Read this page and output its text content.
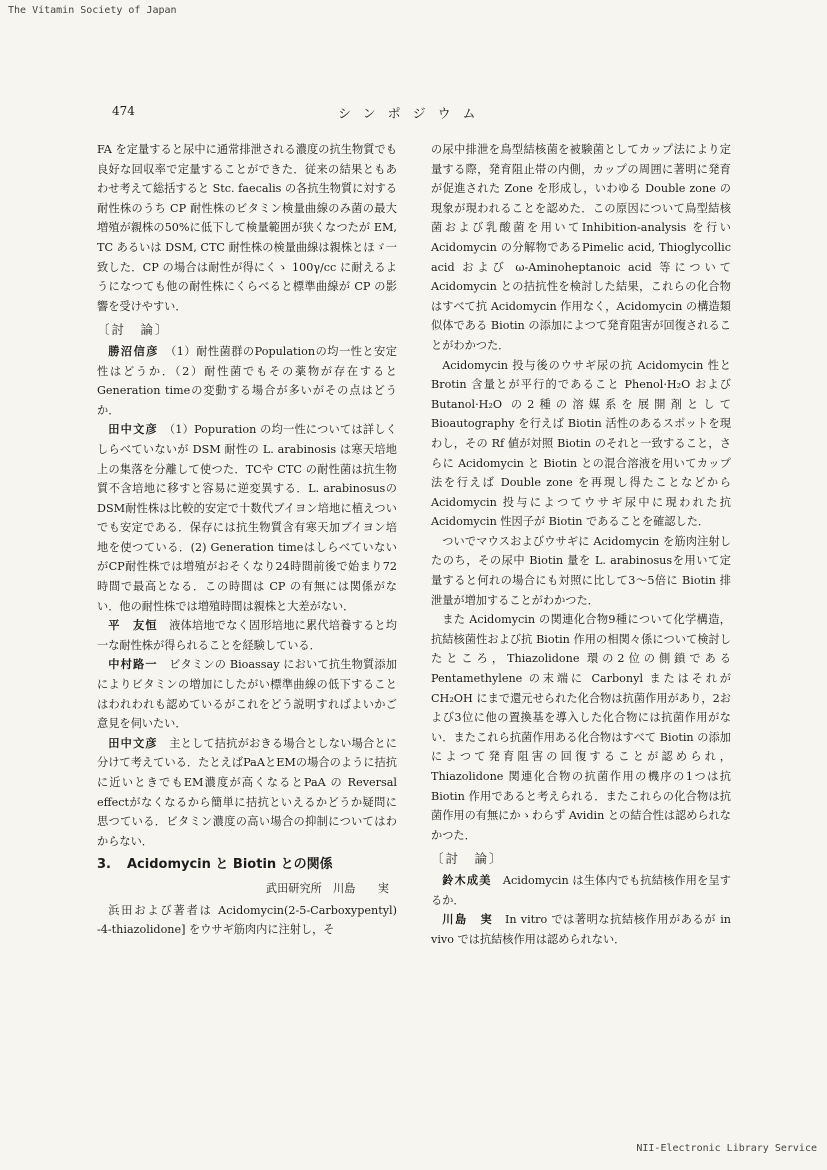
The Vitamin Society of Japan
474	シンポジウム

FA を定量すると尿中に通常排泄される濃度の抗生物質でも良好な回収率で定量することができた．従来の結果ともあわせ考えて総括すると Stc. faecalis の各抗生物質に対する耐性株のうち CP 耐性株のビタミン検量曲線のみ菌の最大増殖が親株の50%に低下して検量範囲が狭くなつたが EM, TC あるいは DSM, CTC 耐性株の検量曲線は親株とほゞ一致した．CP の場合は耐性が得にくゝ 100γ/cc に耐えるようになつても他の耐性株にくらべると標準曲線が CP の影響を受けやすい．

〔討　論〕

勝沼信彦　 （1）耐性菌群のPopulationの均一性と安定性はどうか．（2）耐性菌でもその薬物が存在すると Generation timeの変動する場合が多いがその点はどうか．

田中文彦　 （1）Popuration の均一性については詳しくしらべていないが DSM 耐性の L. arabinosis は寒天培地上の集落を分離して使つた．TCや CTC の耐性菌は抗生物質不含培地に移すと容易に逆変異する．L. arabinosusの DSM耐性株は比較的安定で十数代ブイヨン培地に植えついでも安定である．保存には抗生物質含有寒天加ブイヨン培地を使つている．(2) Generation timeはしらべていないがCP耐性株では増殖がおそくなり24時間前後で始まり72時間で最高となる．この時間は CP の有無には関係がない．他の耐性株では増殖時間は親株と大差がない．

平　友恒　 液体培地でなく固形培地に累代培養すると均一な耐性株が得られることを経験している．

中村路一　 ビタミンの Bioassay において抗生物質添加によりビタミンの増加にしたがい標準曲線の低下することはわれわれも認めているがこれをどう説明すればよいかご意見を伺いたい．

田中文彦　 主として拮抗がおきる場合としない場合とに分けて考えている．たとえばPaAとEMの場合のように拮抗に近いときでもEM濃度が高くなるとPaA の Reversal effectがなくなるから簡単に拮抗といえるかどうか疑問に思つている．ビタミン濃度の高い場合の抑制についてはわからない．

3. Acidomycin と Biotin との関係

武田研究所　川島　　実

浜田および著者は Acidomycin(2-5-Carboxypentyl) -4-thiazolidone] をウサギ筋肉内に注射し，そ

の尿中排泄を鳥型結核菌を被験菌としてカップ法により定量する際，発育阻止帯の内側，カップの周囲に著明に発育が促進された Zone を形成し，いわゆる Double zone の現象が現われることを認めた．この原因について鳥型結核菌および乳酸菌を用いてInhibition-analysis を行い Acidomycin の分解物であるPimelic acid, Thioglycollic acid および ω-Aminoheptanoic acid 等について Acidomycin との拮抗性を検討した結果，これらの化合物はすべて抗 Acidomycin 作用なく，Acidomycin の構造類似体である Biotin の添加によつて発育阻害が回復されることがわかつた．

Acidomycin 投与後のウサギ尿の抗 Acidomycin 性と Brotin 含量とが平行的であること Phenol·H₂O および Butanol·H₂O の2種の溶媒系を展開剤として Bioautography を行えば Biotin 活性のあるスポットを現わし，その Rf 値が対照 Biotin のそれと一致すること，さらに Acidomycin と Biotin との混合溶液を用いてカップ法を行えば Double zone を再現し得たことなどから Acidomycin 投与によつてウサギ尿中に現われた抗Acidomycin 性因子が Biotin であることを確認した．

ついでマウスおよびウサギに Acidomycin を筋肉注射したのち，その尿中 Biotin 量を L. arabinosusを用いて定量すると何れの場合にも対照に比して3〜5倍に Biotin 排泄量が増加することがわかつた．

また Acidomycin の関連化合物9種について化学構造，抗結核菌性および抗 Biotin 作用の相関々係について検討したところ，Thiazolidone 環の2位の側鎖である Pentamethylene の末端に Carbonyl またはそれが CH₂OH にまで還元せられた化合物は抗菌作用があり，2および3位に他の置換基を導入した化合物には抗菌作用がない．またこれら抗菌作用ある化合物はすべて Biotin の添加によつて発育阻害の回復することが認められ，Thiazolidone 関連化合物の抗菌作用の機序の1つは抗 Biotin 作用であると考えられる．またこれらの化合物は抗菌作用の有無にかゝわらず Avidin との結合性は認められなかつた．

〔討　論〕

鈴木成美　 Acidomycin は生体内でも抗結核作用を呈するか．

川島　実　 In vitro では著明な抗結核作用があるが in vivo では抗結核作用は認められない．

NII-Electronic Library Service
